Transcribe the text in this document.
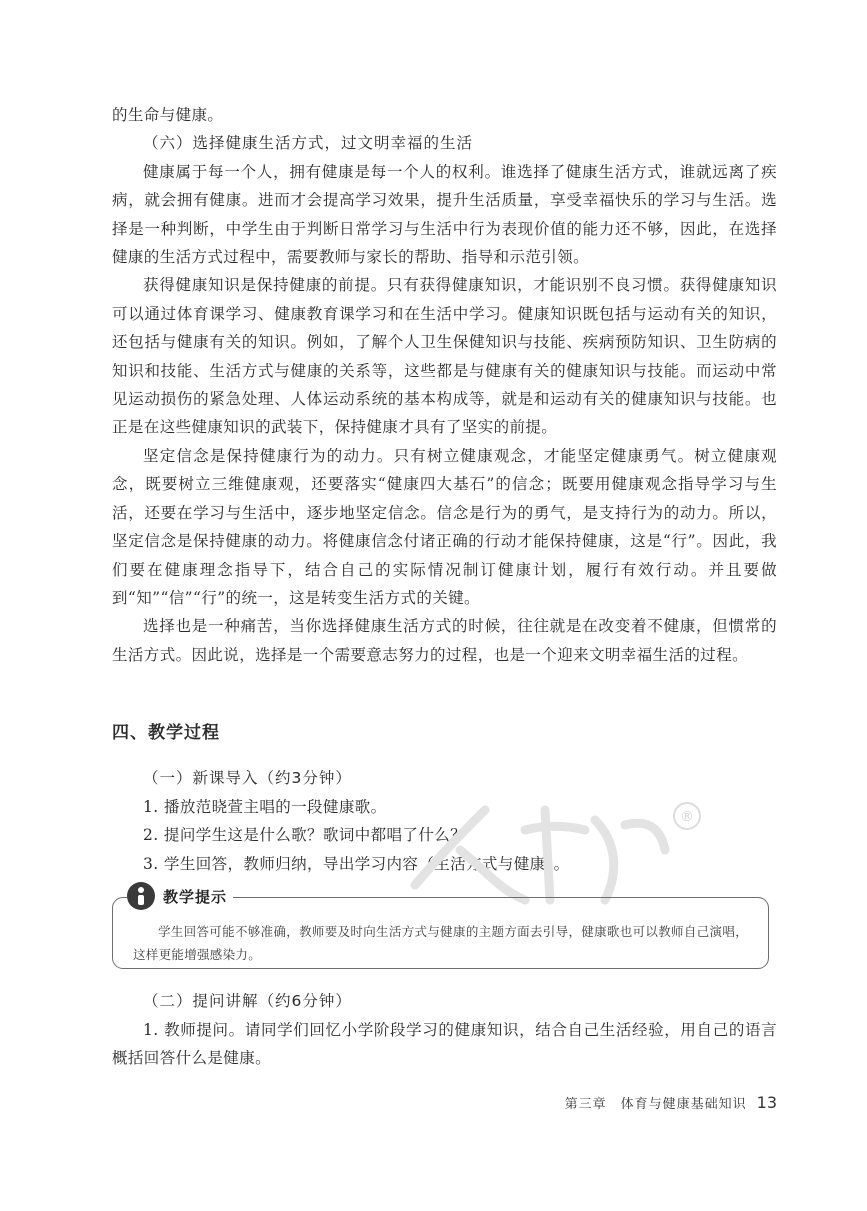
的生命与健康。

（六）选择健康生活方式，过文明幸福的生活

健康属于每一个人，拥有健康是每一个人的权利。谁选择了健康生活方式，谁就远离了疾病，就会拥有健康。进而才会提高学习效果，提升生活质量，享受幸福快乐的学习与生活。选择是一种判断，中学生由于判断日常学习与生活中行为表现价值的能力还不够，因此，在选择健康的生活方式过程中，需要教师与家长的帮助、指导和示范引领。

获得健康知识是保持健康的前提。只有获得健康知识，才能识别不良习惯。获得健康知识可以通过体育课学习、健康教育课学习和在生活中学习。健康知识既包括与运动有关的知识，还包括与健康有关的知识。例如，了解个人卫生保健知识与技能、疾病预防知识、卫生防病的知识和技能、生活方式与健康的关系等，这些都是与健康有关的健康知识与技能。而运动中常见运动损伤的紧急处理、人体运动系统的基本构成等，就是和运动有关的健康知识与技能。也正是在这些健康知识的武装下，保持健康才具有了坚实的前提。

坚定信念是保持健康行为的动力。只有树立健康观念，才能坚定健康勇气。树立健康观念，既要树立三维健康观，还要落实“健康四大基石”的信念；既要用健康观念指导学习与生活，还要在学习与生活中，逐步地坚定信念。信念是行为的勇气，是支持行为的动力。所以，坚定信念是保持健康的动力。将健康信念付诸正确的行动才能保持健康，这是“行”。因此，我们要在健康理念指导下，结合自己的实际情况制订健康计划，履行有效行动。并且要做到“知”“信”“行”的统一，这是转变生活方式的关键。

选择也是一种痛苦，当你选择健康生活方式的时候，往往就是在改变着不健康，但惯常的生活方式。因此说，选择是一个需要意志努力的过程，也是一个迎来文明幸福生活的过程。

四、教学过程
（一）新课导入（约3分钟）

1. 播放范晓萱主唱的一段健康歌。

2. 提问学生这是什么歌？歌词中都唱了什么？

3. 学生回答，教师归纳，导出学习内容（生活方式与健康）。

®
教学提示
学生回答可能不够准确，教师要及时向生活方式与健康的主题方面去引导，健康歌也可以教师自己演唱，这样更能增强感染力。
（二）提问讲解（约6分钟）

1. 教师提问。请同学们回忆小学阶段学习的健康知识，结合自己生活经验，用自己的语言概括回答什么是健康。

第三章　体育与健康基础知识 13
